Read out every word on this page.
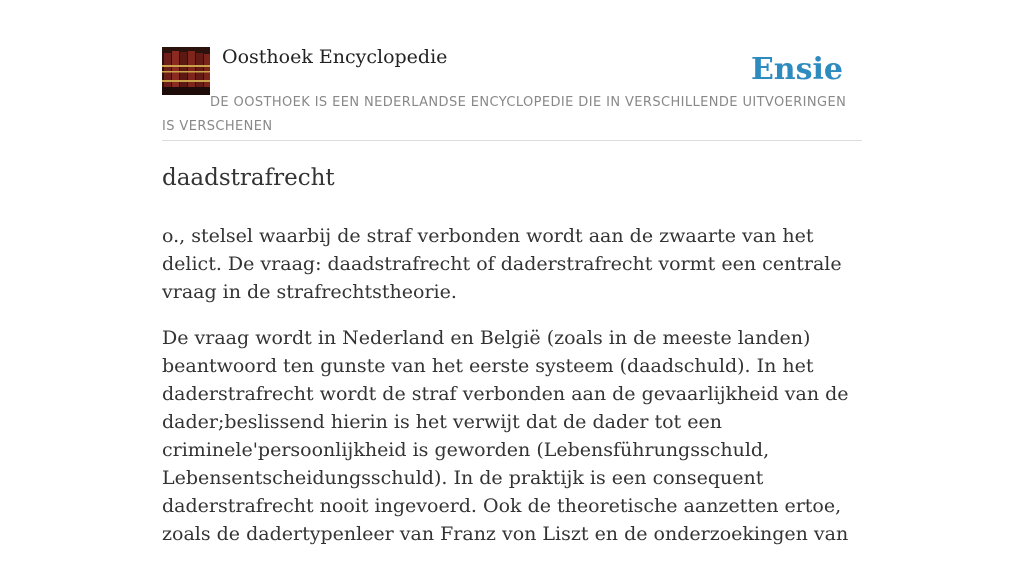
Oosthoek Encyclopedie	Ensie
DE OOSTHOEK IS EEN NEDERLANDSE ENCYCLOPEDIE DIE IN VERSCHILLENDE UITVOERINGEN IS VERSCHENEN
daadstrafrecht

o., stelsel waarbij de straf verbonden wordt aan de zwaarte van het delict. De vraag: daadstrafrecht of daderstrafrecht vormt een centrale vraag in de strafrechtstheorie.

De vraag wordt in Nederland en België (zoals in de meeste landen) beantwoord ten gunste van het eerste systeem (daadschuld). In het daderstrafrecht wordt de straf verbonden aan de gevaarlijkheid van de dader;beslissend hierin is het verwijt dat de dader tot een criminele'persoonlijkheid is geworden (Lebensführungsschuld, Lebensentscheidungsschuld). In de praktijk is een consequent daderstrafrecht nooit ingevoerd. Ook de theoretische aanzetten ertoe, zoals de dadertypenleer van Franz von Liszt en de onderzoekingen van
